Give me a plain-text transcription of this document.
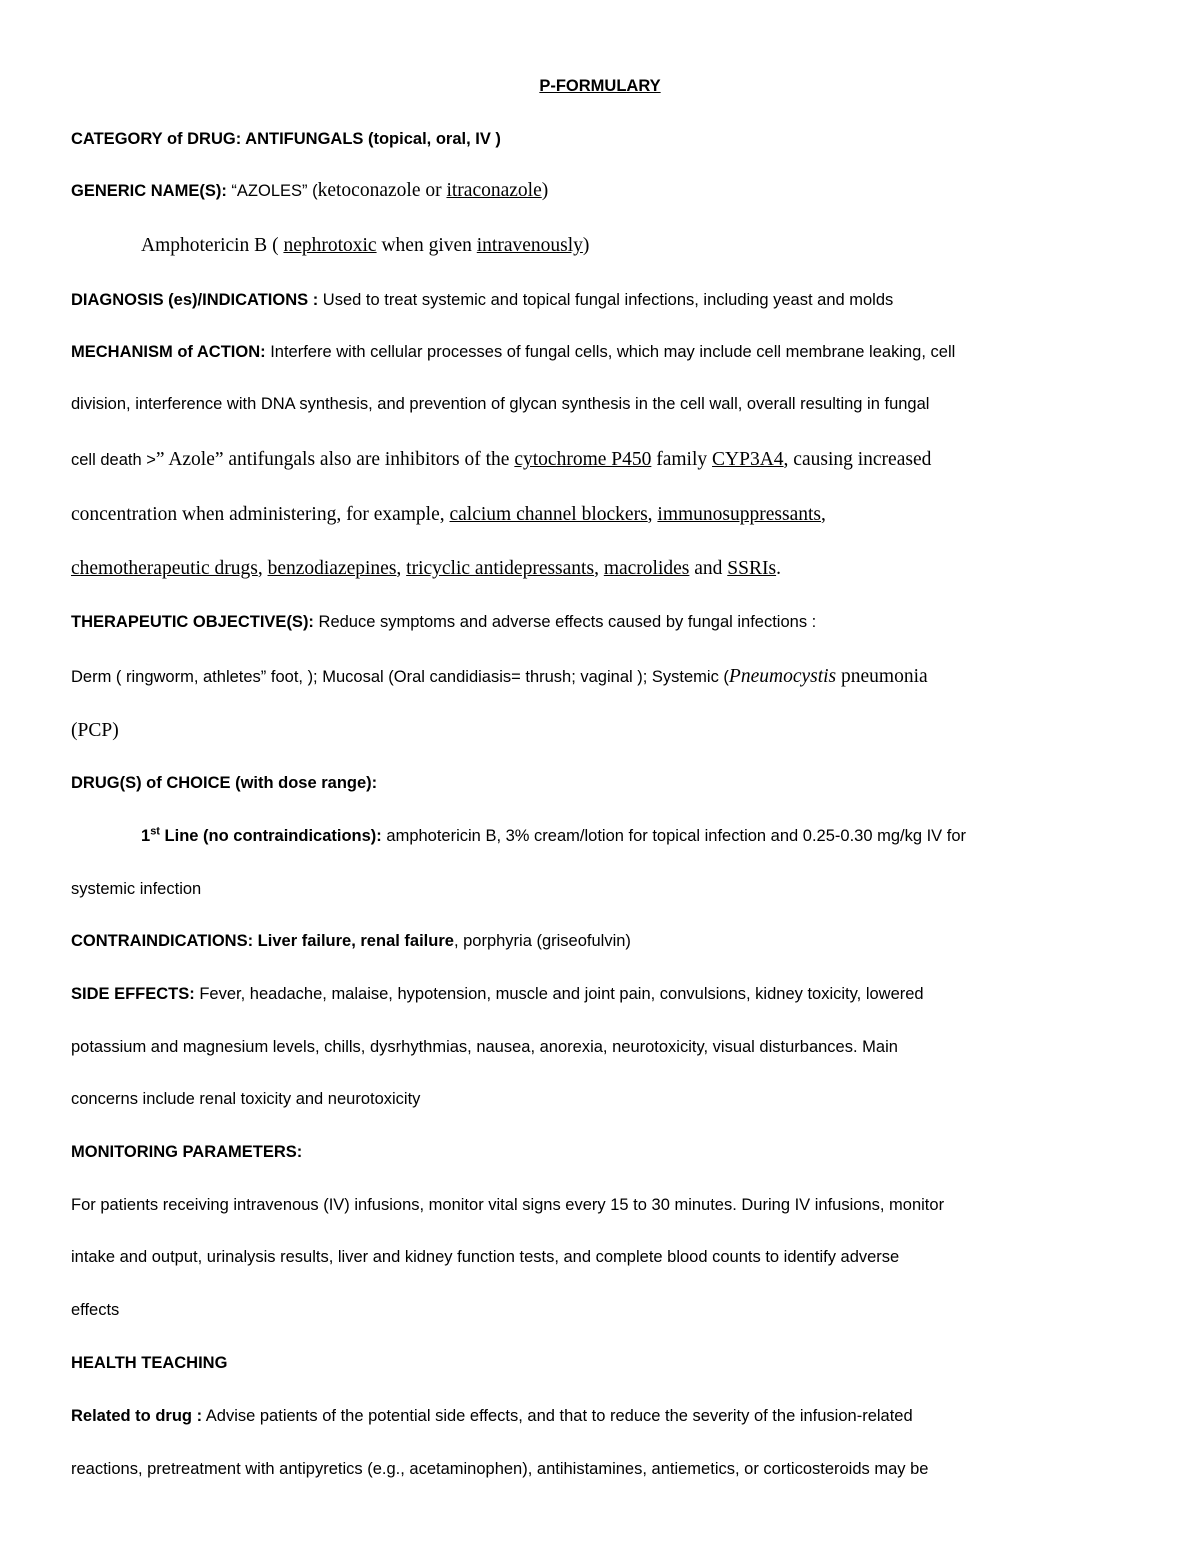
P-FORMULARY
CATEGORY of DRUG: ANTIFUNGALS (topical, oral, IV )
GENERIC NAME(S): “AZOLES” (ketoconazole or itraconazole)
Amphotericin B ( nephrotoxic when given intravenously)
DIAGNOSIS (es)/INDICATIONS : Used to treat systemic and topical fungal infections, including yeast and molds
MECHANISM of ACTION: Interfere with cellular processes of fungal cells, which may include cell membrane leaking, cell
division, interference with DNA synthesis, and prevention of glycan synthesis in the cell wall, overall resulting in fungal
cell death >” Azole” antifungals also are inhibitors of the cytochrome P450 family CYP3A4, causing increased
concentration when administering, for example, calcium channel blockers, immunosuppressants,
chemotherapeutic drugs, benzodiazepines, tricyclic antidepressants, macrolides and SSRIs.
THERAPEUTIC OBJECTIVE(S): Reduce symptoms and adverse effects caused by fungal infections :
Derm ( ringworm, athletes” foot, ); Mucosal (Oral candidiasis= thrush; vaginal ); Systemic (Pneumocystis pneumonia
(PCP)
DRUG(S) of CHOICE (with dose range):
1st Line (no contraindications): amphotericin B, 3% cream/lotion for topical infection and 0.25-0.30 mg/kg IV for
systemic infection
CONTRAINDICATIONS: Liver failure, renal failure, porphyria (griseofulvin)
SIDE EFFECTS: Fever, headache, malaise, hypotension, muscle and joint pain, convulsions, kidney toxicity, lowered
potassium and magnesium levels, chills, dysrhythmias, nausea, anorexia, neurotoxicity, visual disturbances. Main
concerns include renal toxicity and neurotoxicity
MONITORING PARAMETERS:
For patients receiving intravenous (IV) infusions, monitor vital signs every 15 to 30 minutes. During IV infusions, monitor
intake and output, urinalysis results, liver and kidney function tests, and complete blood counts to identify adverse
effects
HEALTH TEACHING
Related to drug : Advise patients of the potential side effects, and that to reduce the severity of the infusion-related
reactions, pretreatment with antipyretics (e.g., acetaminophen), antihistamines, antiemetics, or corticosteroids may be
